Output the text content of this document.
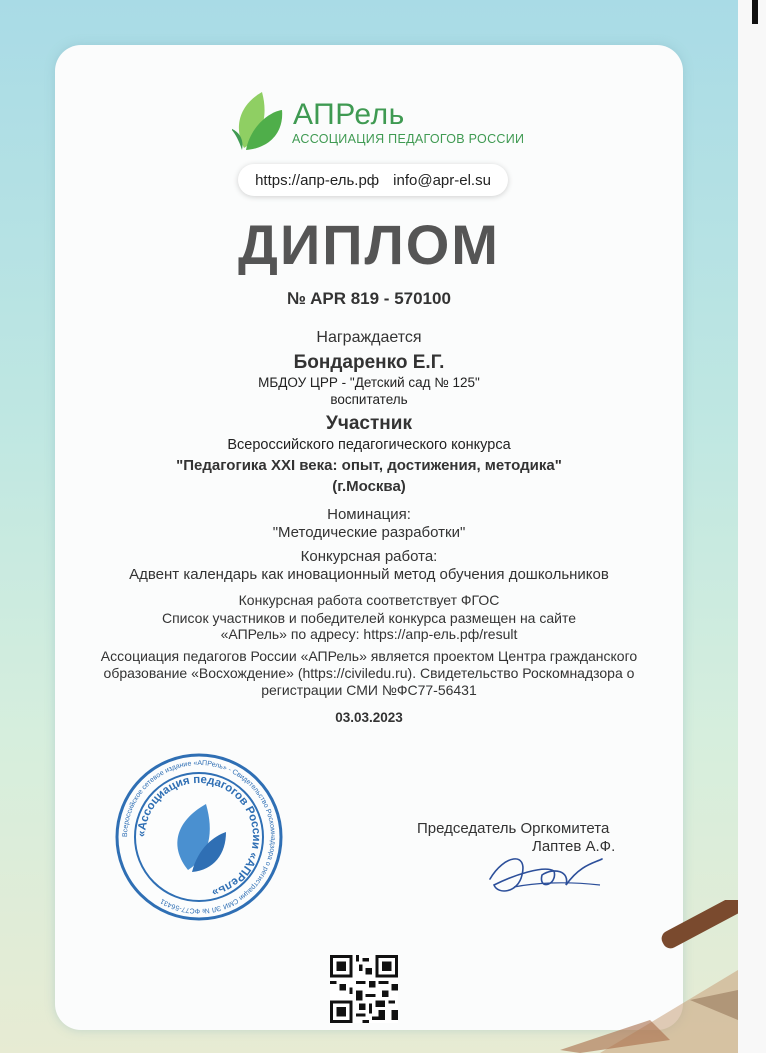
АПРель
АССОЦИАЦИЯ ПЕДАГОГОВ РОССИИ
https://апр-ель.рф info@apr-el.su
ДИПЛОМ
№ APR 819 - 570100
Награждается
Бондаренко Е.Г.
МБДОУ ЦРР - "Детский сад № 125"
воспитатель
Участник
Всероссийского педагогического конкурса
"Педагогика XXI века: опыт, достижения, методика"
(г.Москва)
Номинация:
"Методические разработки"
Конкурсная работа:
Адвент календарь как иновационный метод обучения дошкольников
Конкурсная работа соответствует ФГОС
Список участников и победителей конкурса размещен на сайте
«АПРель» по адресу: https://апр-ель.рф/result
Ассоциация педагогов России «АПРель» является проектом Центра гражданского
образование «Восхождение» (https://civiledu.ru). Свидетельство Роскомнадзора о
регистрации СМИ №ФС77-56431
03.03.2023
Всероссийское сетевое издание «АПРель» - Свидетельство Роскомнадзора о регистрации СМИ ЭЛ № ФС77-56431
«Ассоциация педагогов России «АПРель»
Председатель Оргкомитета
Лаптев А.Ф.
